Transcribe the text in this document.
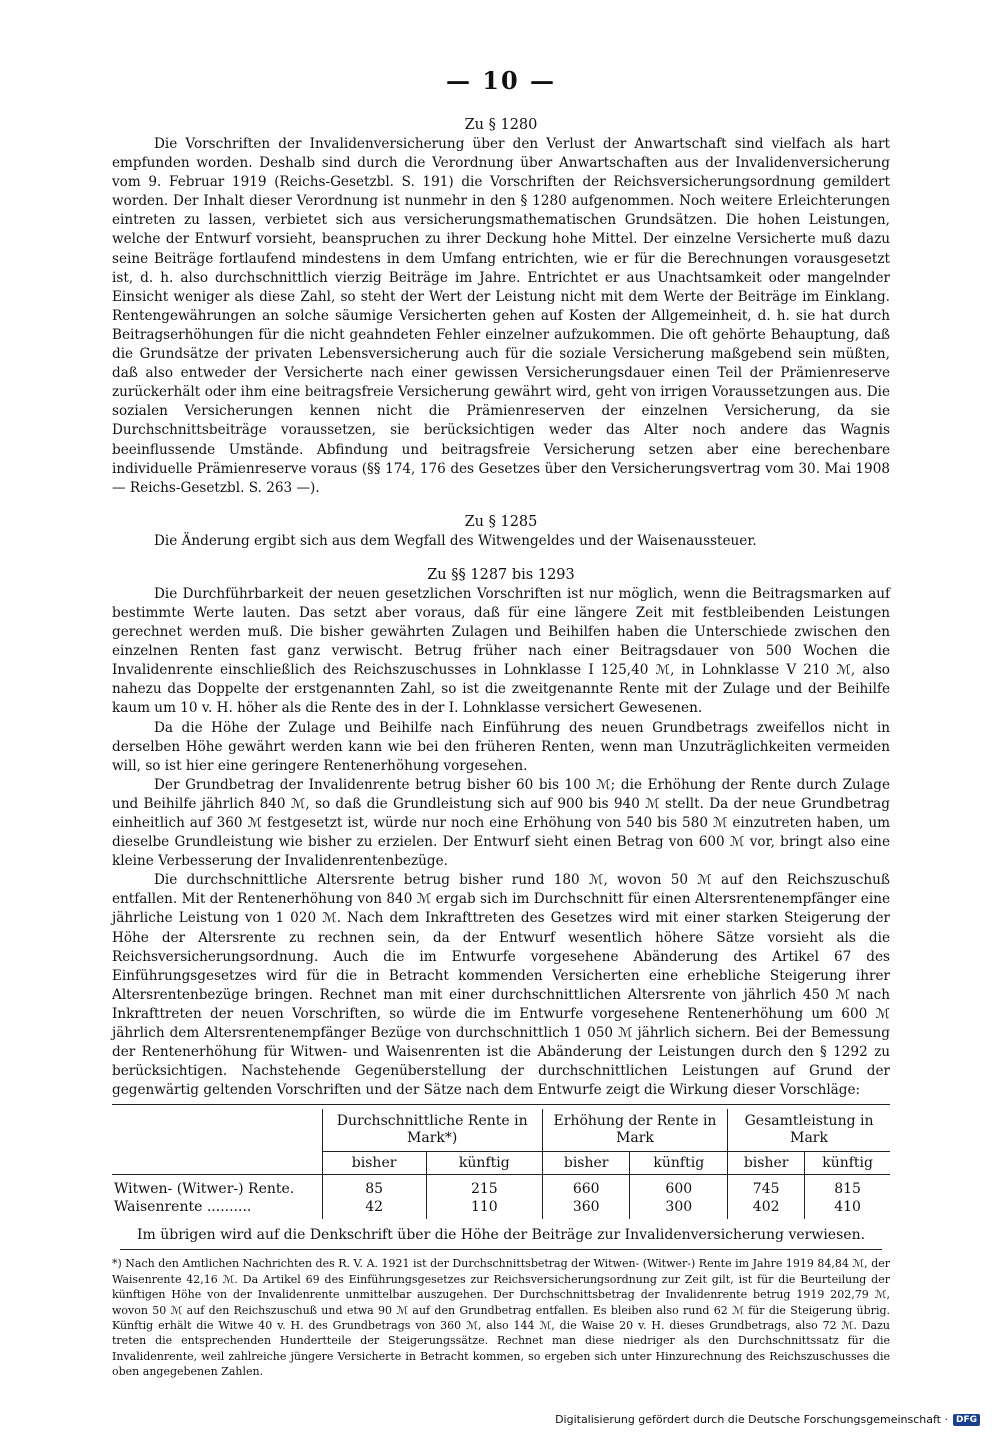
— 10 —
Zu § 1280

Die Vorschriften der Invalidenversicherung über den Verlust der Anwartschaft sind vielfach als hart empfunden worden. Deshalb sind durch die Verordnung über Anwartschaften aus der Invalidenversicherung vom 9. Februar 1919 (Reichs-Gesetzbl. S. 191) die Vorschriften der Reichsversicherungsordnung gemildert worden. Der Inhalt dieser Verordnung ist nunmehr in den § 1280 aufgenommen. Noch weitere Erleichterungen eintreten zu lassen, verbietet sich aus versicherungsmathematischen Grundsätzen. Die hohen Leistungen, welche der Entwurf vorsieht, beanspruchen zu ihrer Deckung hohe Mittel. Der einzelne Versicherte muß dazu seine Beiträge fortlaufend mindestens in dem Umfang entrichten, wie er für die Berechnungen vorausgesetzt ist, d. h. also durchschnittlich vierzig Beiträge im Jahre. Entrichtet er aus Unachtsamkeit oder mangelnder Einsicht weniger als diese Zahl, so steht der Wert der Leistung nicht mit dem Werte der Beiträge im Einklang. Rentengewährungen an solche säumige Versicherten gehen auf Kosten der Allgemeinheit, d. h. sie hat durch Beitragserhöhungen für die nicht geahndeten Fehler einzelner aufzukommen. Die oft gehörte Behauptung, daß die Grundsätze der privaten Lebensversicherung auch für die soziale Versicherung maßgebend sein müßten, daß also entweder der Versicherte nach einer gewissen Versicherungsdauer einen Teil der Prämienreserve zurückerhält oder ihm eine beitragsfreie Versicherung gewährt wird, geht von irrigen Voraussetzungen aus. Die sozialen Versicherungen kennen nicht die Prämienreserven der einzelnen Versicherung, da sie Durchschnittsbeiträge voraussetzen, sie berücksichtigen weder das Alter noch andere das Wagnis beeinflussende Umstände. Abfindung und beitragsfreie Versicherung setzen aber eine berechenbare individuelle Prämienreserve voraus (§§ 174, 176 des Gesetzes über den Versicherungsvertrag vom 30. Mai 1908 — Reichs-Gesetzbl. S. 263 —).

Zu § 1285

Die Änderung ergibt sich aus dem Wegfall des Witwengeldes und der Waisenaussteuer.

Zu §§ 1287 bis 1293

Die Durchführbarkeit der neuen gesetzlichen Vorschriften ist nur möglich, wenn die Beitragsmarken auf bestimmte Werte lauten. Das setzt aber voraus, daß für eine längere Zeit mit festbleibenden Leistungen gerechnet werden muß. Die bisher gewährten Zulagen und Beihilfen haben die Unterschiede zwischen den einzelnen Renten fast ganz verwischt. Betrug früher nach einer Beitragsdauer von 500 Wochen die Invalidenrente einschließlich des Reichszuschusses in Lohnklasse I 125,40 ℳ, in Lohnklasse V 210 ℳ, also nahezu das Doppelte der erstgenannten Zahl, so ist die zweitgenannte Rente mit der Zulage und der Beihilfe kaum um 10 v. H. höher als die Rente des in der I. Lohnklasse versichert Gewesenen.

Da die Höhe der Zulage und Beihilfe nach Einführung des neuen Grundbetrags zweifellos nicht in derselben Höhe gewährt werden kann wie bei den früheren Renten, wenn man Unzuträglichkeiten vermeiden will, so ist hier eine geringere Rentenerhöhung vorgesehen.

Der Grundbetrag der Invalidenrente betrug bisher 60 bis 100 ℳ; die Erhöhung der Rente durch Zulage und Beihilfe jährlich 840 ℳ, so daß die Grundleistung sich auf 900 bis 940 ℳ stellt. Da der neue Grundbetrag einheitlich auf 360 ℳ festgesetzt ist, würde nur noch eine Erhöhung von 540 bis 580 ℳ einzutreten haben, um dieselbe Grundleistung wie bisher zu erzielen. Der Entwurf sieht einen Betrag von 600 ℳ vor, bringt also eine kleine Verbesserung der Invalidenrentenbezüge.

Die durchschnittliche Altersrente betrug bisher rund 180 ℳ, wovon 50 ℳ auf den Reichszuschuß entfallen. Mit der Rentenerhöhung von 840 ℳ ergab sich im Durchschnitt für einen Altersrentenempfänger eine jährliche Leistung von 1 020 ℳ. Nach dem Inkrafttreten des Gesetzes wird mit einer starken Steigerung der Höhe der Altersrente zu rechnen sein, da der Entwurf wesentlich höhere Sätze vorsieht als die Reichsversicherungsordnung. Auch die im Entwurfe vorgesehene Abänderung des Artikel 67 des Einführungsgesetzes wird für die in Betracht kommenden Versicherten eine erhebliche Steigerung ihrer Altersrentenbezüge bringen. Rechnet man mit einer durchschnittlichen Altersrente von jährlich 450 ℳ nach Inkrafttreten der neuen Vorschriften, so würde die im Entwurfe vorgesehene Rentenerhöhung um 600 ℳ jährlich dem Altersrentenempfänger Bezüge von durchschnittlich 1 050 ℳ jährlich sichern. Bei der Bemessung der Rentenerhöhung für Witwen- und Waisenrenten ist die Abänderung der Leistungen durch den § 1292 zu berücksichtigen. Nachstehende Gegenüberstellung der durchschnittlichen Leistungen auf Grund der gegenwärtig geltenden Vorschriften und der Sätze nach dem Entwurfe zeigt die Wirkung dieser Vorschläge:

	Durchschnittliche Rente in Mark*)		Erhöhung der Rente in Mark		Gesamtleistung in Mark	
	bisher	künftig	bisher	künftig	bisher	künftig
Witwen- (Witwer-) Rente.	85	215	660	600	745	815
Waisenrente ..........	42	110	360	300	402	410
Im übrigen wird auf die Denkschrift über die Höhe der Beiträge zur Invalidenversicherung verwiesen.

*) Nach den Amtlichen Nachrichten des R. V. A. 1921 ist der Durchschnittsbetrag der Witwen- (Witwer-) Rente im Jahre 1919 84,84 ℳ, der Waisenrente 42,16 ℳ. Da Artikel 69 des Einführungsgesetzes zur Reichsversicherungsordnung zur Zeit gilt, ist für die Beurteilung der künftigen Höhe von der Invalidenrente unmittelbar auszugehen. Der Durchschnittsbetrag der Invalidenrente betrug 1919 202,79 ℳ, wovon 50 ℳ auf den Reichszuschuß und etwa 90 ℳ auf den Grundbetrag entfallen. Es bleiben also rund 62 ℳ für die Steigerung übrig. Künftig erhält die Witwe 40 v. H. des Grundbetrags von 360 ℳ, also 144 ℳ, die Waise 20 v. H. dieses Grundbetrags, also 72 ℳ. Dazu treten die entsprechenden Hundertteile der Steigerungssätze. Rechnet man diese niedriger als den Durchschnittssatz für die Invalidenrente, weil zahlreiche jüngere Versicherte in Betracht kommen, so ergeben sich unter Hinzurechnung des Reichszuschusses die oben angegebenen Zahlen.

Digitalisierung gefördert durch die Deutsche Forschungsgemeinschaft · DFG
